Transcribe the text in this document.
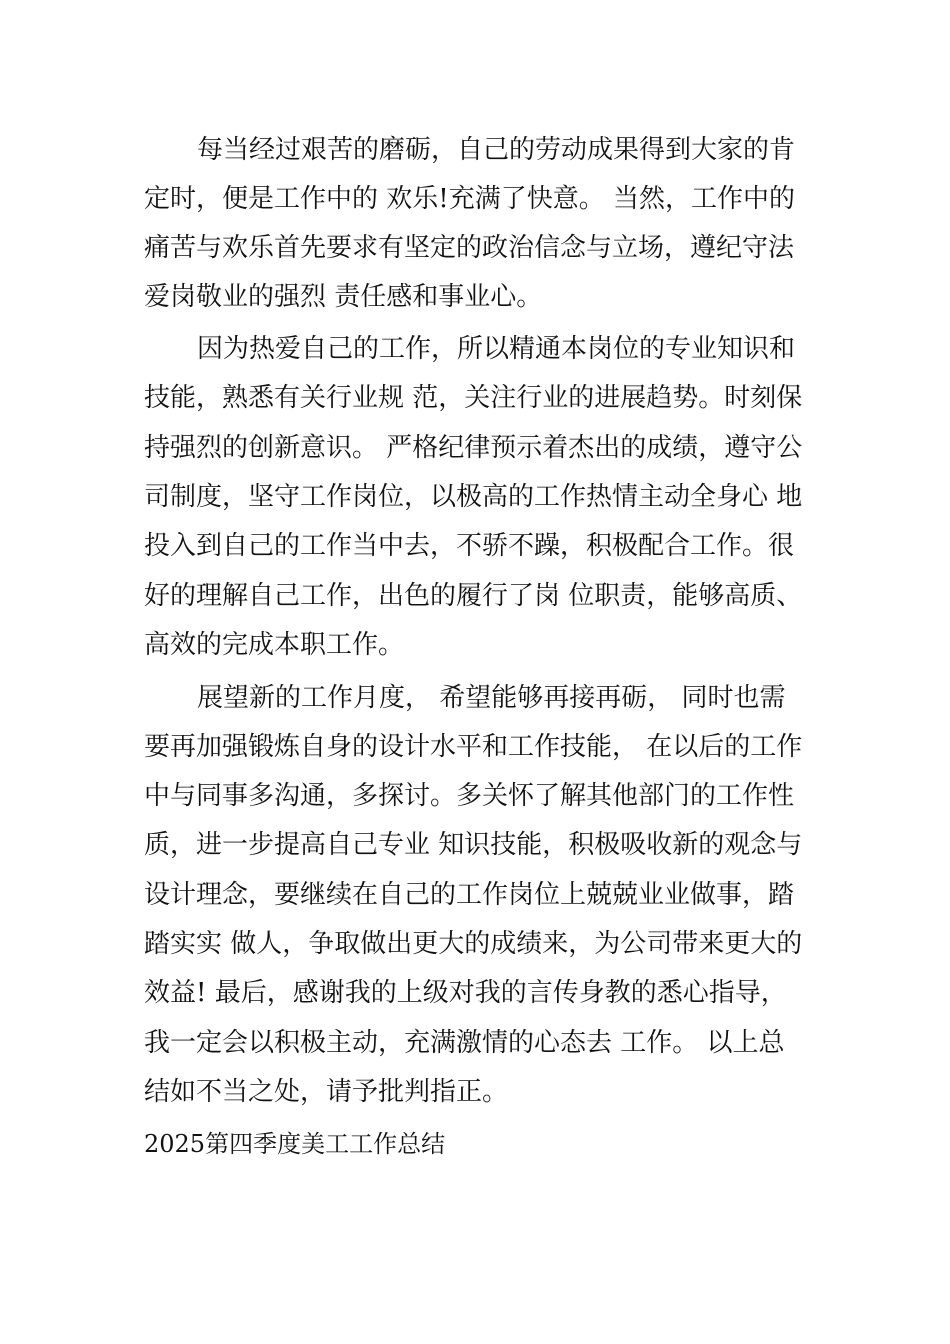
每当经过艰苦的磨砺，自己的劳动成果得到大家的肯

定时，便是工作中的 欢乐!充满了快意。 当然，工作中的

痛苦与欢乐首先要求有坚定的政治信念与立场，遵纪守法

爱岗敬业的强烈 责任感和事业心。

因为热爱自己的工作，所以精通本岗位的专业知识和

技能，熟悉有关行业规 范，关注行业的进展趋势。时刻保

持强烈的创新意识。 严格纪律预示着杰出的成绩，遵守公

司制度，坚守工作岗位，以极高的工作热情主动全身心 地

投入到自己的工作当中去，不骄不躁，积极配合工作。很

好的理解自己工作，出色的履行了岗 位职责，能够高质、

高效的完成本职工作。

展望新的工作月度， 希望能够再接再砺， 同时也需

要再加强锻炼自身的设计水平和工作技能， 在以后的工作

中与同事多沟通，多探讨。多关怀了解其他部门的工作性

质，进一步提高自己专业 知识技能，积极吸收新的观念与

设计理念，要继续在自己的工作岗位上兢兢业业做事，踏

踏实实 做人，争取做出更大的成绩来，为公司带来更大的

效益! 最后，感谢我的上级对我的言传身教的悉心指导，

我一定会以积极主动，充满激情的心态去 工作。 以上总

结如不当之处，请予批判指正。

2025第四季度美工工作总结
